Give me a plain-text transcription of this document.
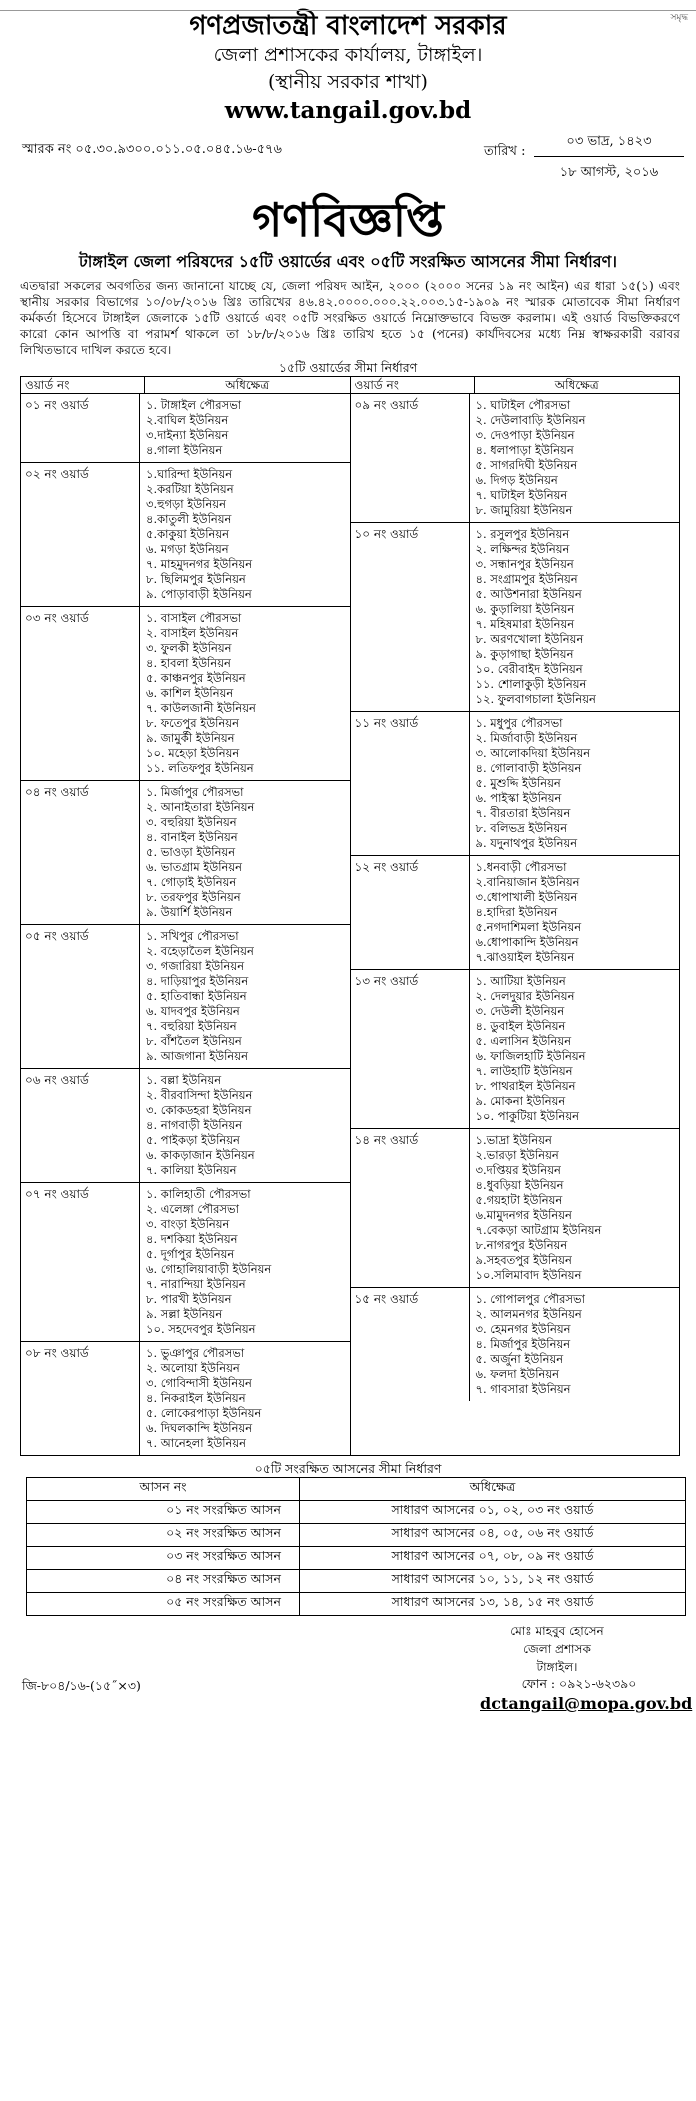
সমৃদ্ধ
গণপ্রজাতন্ত্রী বাংলাদেশ সরকার
জেলা প্রশাসকের কার্যালয়, টাঙ্গাইল।
(স্থানীয় সরকার শাখা)
www.tangail.gov.bd
স্মারক নং ০৫.৩০.৯৩০০.০১১.০৫.০৪৫.১৬-৫৭৬	তারিখ :
০৩ ভাদ্র, ১৪২৩
১৮ আগস্ট, ২০১৬
গণবিজ্ঞপ্তি
টাঙ্গাইল জেলা পরিষদের ১৫টি ওয়ার্ডের এবং ০৫টি সংরক্ষিত আসনের সীমা নির্ধারণ।
এতদ্বারা সকলের অবগতির জন্য জানানো যাচ্ছে যে, জেলা পরিষদ আইন, ২০০০ (২০০০ সনের ১৯ নং আইন) এর ধারা ১৫(১) এবং স্থানীয় সরকার বিভাগের ১০/০৮/২০১৬ খ্রিঃ তারিখের ৪৬.৪২.০০০০.০০০.২২.০০৩.১৫-১৯০৯ নং স্মারক মোতাবেক সীমা নির্ধারণ কর্মকর্তা হিসেবে টাঙ্গাইল জেলাকে ১৫টি ওয়ার্ডে এবং ০৫টি সংরক্ষিত ওয়ার্ডে নিম্নোক্তভাবে বিভক্ত করলাম। এই ওয়ার্ড বিভক্তিকরণে কারো কোন আপত্তি বা পরামর্শ থাকলে তা ১৮/৮/২০১৬ খ্রিঃ তারিখ হতে ১৫ (পনের) কার্যদিবসের মধ্যে নিম্ন স্বাক্ষরকারী বরাবর লিখিতভাবে দাখিল করতে হবে।
১৫টি ওয়ার্ডের সীমা নির্ধারণ
ওয়ার্ড নং	অধিক্ষেত্র
০১ নং ওয়ার্ড	১. টাঙ্গাইল পৌরসভা
২.বাঘিল ইউনিয়ন
৩.দাইন্যা ইউনিয়ন
৪.গালা ইউনিয়ন
০২ নং ওয়ার্ড	১.ঘারিন্দা ইউনিয়ন
২.করটিয়া ইউনিয়ন
৩.হুগড়া ইউনিয়ন
৪.কাতুলী ইউনিয়ন
৫.কাকুয়া ইউনিয়ন
৬. মগড়া ইউনিয়ন
৭. মাহমুদনগর ইউনিয়ন
৮. ছিলিমপুর ইউনিয়ন
৯. পোড়াবাড়ী ইউনিয়ন
০৩ নং ওয়ার্ড	১. বাসাইল পৌরসভা
২. বাসাইল ইউনিয়ন
৩. ফুলকী ইউনিয়ন
৪. হাবলা ইউনিয়ন
৫. কাঞ্চনপুর ইউনিয়ন
৬. কাশিল ইউনিয়ন
৭. কাউলজানী ইউনিয়ন
৮. ফতেপুর ইউনিয়ন
৯. জামুর্কী ইউনিয়ন
১০. মহেড়া ইউনিয়ন
১১. লতিফপুর ইউনিয়ন
০৪ নং ওয়ার্ড	১. মির্জাপুর পৌরসভা
২. আনাইতারা ইউনিয়ন
৩. বহুরিয়া ইউনিয়ন
৪. বানাইল ইউনিয়ন
৫. ভাওড়া ইউনিয়ন
৬. ভাতগ্রাম ইউনিয়ন
৭. গোড়াই ইউনিয়ন
৮. তরফপুর ইউনিয়ন
৯. উয়ার্শি ইউনিয়ন
০৫ নং ওয়ার্ড	১. সখিপুর পৌরসভা
২. বহেড়াতৈল ইউনিয়ন
৩. গজারিয়া ইউনিয়ন
৪. দাড়িয়াপুর ইউনিয়ন
৫. হাতিবান্ধা ইউনিয়ন
৬. যাদবপুর ইউনিয়ন
৭. বহুরিয়া ইউনিয়ন
৮. বাঁশতৈল ইউনিয়ন
৯. আজগানা ইউনিয়ন
০৬ নং ওয়ার্ড	১. বল্লা ইউনিয়ন
২. বীরবাসিন্দা ইউনিয়ন
৩. কোকডহরা ইউনিয়ন
৪. নাগবাড়ী ইউনিয়ন
৫. পাইকড়া ইউনিয়ন
৬. কাকড়াজান ইউনিয়ন
৭. কালিয়া ইউনিয়ন
০৭ নং ওয়ার্ড	১. কালিহাতী পৌরসভা
২. এলেঙ্গা পৌরসভা
৩. বাংড়া ইউনিয়ন
৪. দশকিয়া ইউনিয়ন
৫. দূর্গাপুর ইউনিয়ন
৬. গোহালিয়াবাড়ী ইউনিয়ন
৭. নারান্দিয়া ইউনিয়ন
৮. পারখী ইউনিয়ন
৯. সল্লা ইউনিয়ন
১০. সহদেবপুর ইউনিয়ন
০৮ নং ওয়ার্ড	১. ভুঞাপুর পৌরসভা
২. অলোয়া ইউনিয়ন
৩. গোবিন্দাসী ইউনিয়ন
৪. নিকরাইল ইউনিয়ন
৫. লোকেরপাড়া ইউনিয়ন
৬. দিঘলকান্দি ইউনিয়ন
৭. আনেহলা ইউনিয়ন
ওয়ার্ড নং	অধিক্ষেত্র
০৯ নং ওয়ার্ড	১. ঘাটাইল পৌরসভা
২. দেউলাবাড়ি ইউনিয়ন
৩. দেওপাড়া ইউনিয়ন
৪. ধলাপাড়া ইউনিয়ন
৫. সাগরদিঘী ইউনিয়ন
৬. দিগড় ইউনিয়ন
৭. ঘাটাইল ইউনিয়ন
৮. জামুরিয়া ইউনিয়ন
১০ নং ওয়ার্ড	১. রসুলপুর ইউনিয়ন
২. লক্ষিন্দর ইউনিয়ন
৩. সন্ধানপুর ইউনিয়ন
৪. সংগ্রামপুর ইউনিয়ন
৫. আউশনারা ইউনিয়ন
৬. কুড়ালিয়া ইউনিয়ন
৭. মহিষমারা ইউনিয়ন
৮. অরণখোলা ইউনিয়ন
৯. কুড়াগাছা ইউনিয়ন
১০. বেরীবাইদ ইউনিয়ন
১১. শোলাকুড়ী ইউনিয়ন
১২. ফুলবাগচালা ইউনিয়ন
১১ নং ওয়ার্ড	১. মধুপুর পৌরসভা
২. মির্জাবাড়ী ইউনিয়ন
৩. আলোকদিয়া ইউনিয়ন
৪. গোলাবাড়ী ইউনিয়ন
৫. মুশুদ্দি ইউনিয়ন
৬. পাইস্কা ইউনিয়ন
৭. বীরতারা ইউনিয়ন
৮. বলিভদ্র ইউনিয়ন
৯. যদুনাথপুর ইউনিয়ন
১২ নং ওয়ার্ড	১.ধনবাড়ী পৌরসভা
২.বানিয়াজান ইউনিয়ন
৩.ধোপাখালী ইউনিয়ন
৪.হাদিরা ইউনিয়ন
৫.নগদাশিমলা ইউনিয়ন
৬.ধোপাকান্দি ইউনিয়ন
৭.ঝাওয়াইল ইউনিয়ন
১৩ নং ওয়ার্ড	১. আটিয়া ইউনিয়ন
২. দেলদুয়ার ইউনিয়ন
৩. দেউলী ইউনিয়ন
৪. ডুবাইল ইউনিয়ন
৫. এলাসিন ইউনিয়ন
৬. ফাজিলহাটি ইউনিয়ন
৭. লাউহাটি ইউনিয়ন
৮. পাথরাইল ইউনিয়ন
৯. মোকনা ইউনিয়ন
১০. পাকুটিয়া ইউনিয়ন
১৪ নং ওয়ার্ড	১.ভাদ্রা ইউনিয়ন
২.ভারড়া ইউনিয়ন
৩.দপ্তিয়র ইউনিয়ন
৪.ধুবড়িয়া ইউনিয়ন
৫.গয়হাটা ইউনিয়ন
৬.মামুদনগর ইউনিয়ন
৭.বেকড়া আটগ্রাম ইউনিয়ন
৮.নাগরপুর ইউনিয়ন
৯.সহবতপুর ইউনিয়ন
১০.সলিমাবাদ ইউনিয়ন
১৫ নং ওয়ার্ড	১. গোপালপুর পৌরসভা
২. আলমনগর ইউনিয়ন
৩. হেমনগর ইউনিয়ন
৪. মির্জাপুর ইউনিয়ন
৫. অর্জুনা ইউনিয়ন
৬. ফলদা ইউনিয়ন
৭. গাবসারা ইউনিয়ন
০৫টি সংরক্ষিত আসনের সীমা নির্ধারণ
আসন নং	অধিক্ষেত্র
০১ নং সংরক্ষিত আসন	সাধারণ আসনের ০১, ০২, ০৩ নং ওয়ার্ড
০২ নং সংরক্ষিত আসন	সাধারণ আসনের ০৪, ০৫, ০৬ নং ওয়ার্ড
০৩ নং সংরক্ষিত আসন	সাধারণ আসনের ০৭, ০৮, ০৯ নং ওয়ার্ড
০৪ নং সংরক্ষিত আসন	সাধারণ আসনের ১০, ১১, ১২ নং ওয়ার্ড
০৫ নং সংরক্ষিত আসন	সাধারণ আসনের ১৩, ১৪, ১৫ নং ওয়ার্ড
মোঃ মাহবুব হোসেন
জেলা প্রশাসক
টাঙ্গাইল।
জি-৮০৪/১৬-(১৫˝×৩)	ফোন : ০৯২১-৬২৩৯০
dctangail@mopa.gov.bd
